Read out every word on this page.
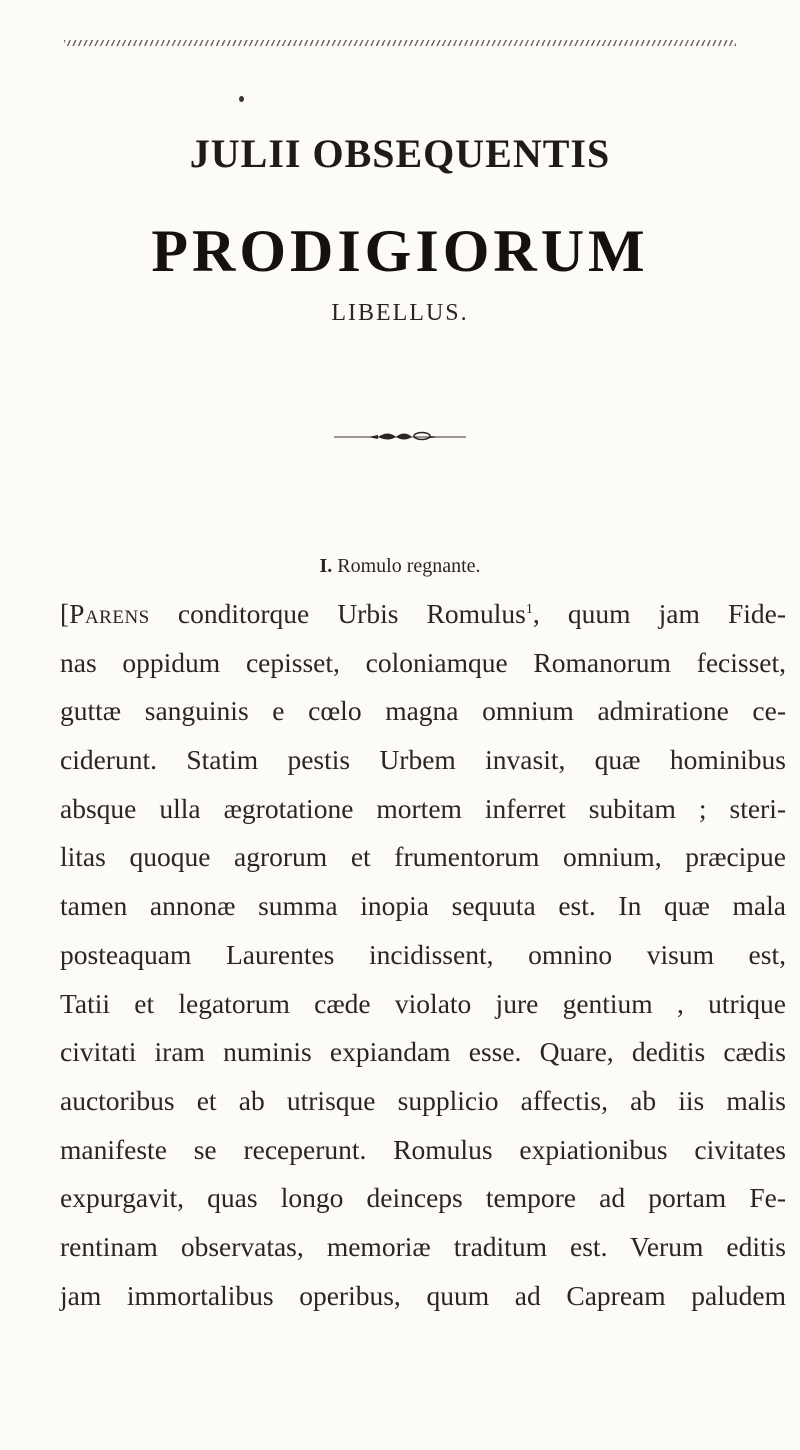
JULII OBSEQUENTIS
PRODIGIORUM
LIBELLUS.
I. Romulo regnante.
[Parens conditorque Urbis Romulus$^1$, quum jam Fide-
nas oppidum cepisset, coloniamque Romanorum fecisset,
guttæ sanguinis e cœlo magna omnium admiratione ce-
ciderunt. Statim pestis Urbem invasit, quæ hominibus
absque ulla ægrotatione mortem inferret subitam ; steri-
litas quoque agrorum et frumentorum omnium, præcipue
tamen annonæ summa inopia sequuta est. In quæ mala
posteaquam Laurentes incidissent, omnino visum est,
Tatii et legatorum cæde violato jure gentium , utrique
civitati iram numinis expiandam esse. Quare, deditis cædis
auctoribus et ab utrisque supplicio affectis, ab iis malis
manifeste se receperunt. Romulus expiationibus civitates
expurgavit, quas longo deinceps tempore ad portam Fe-
rentinam observatas, memoriæ traditum est. Verum editis
jam immortalibus operibus, quum ad Capream paludem
